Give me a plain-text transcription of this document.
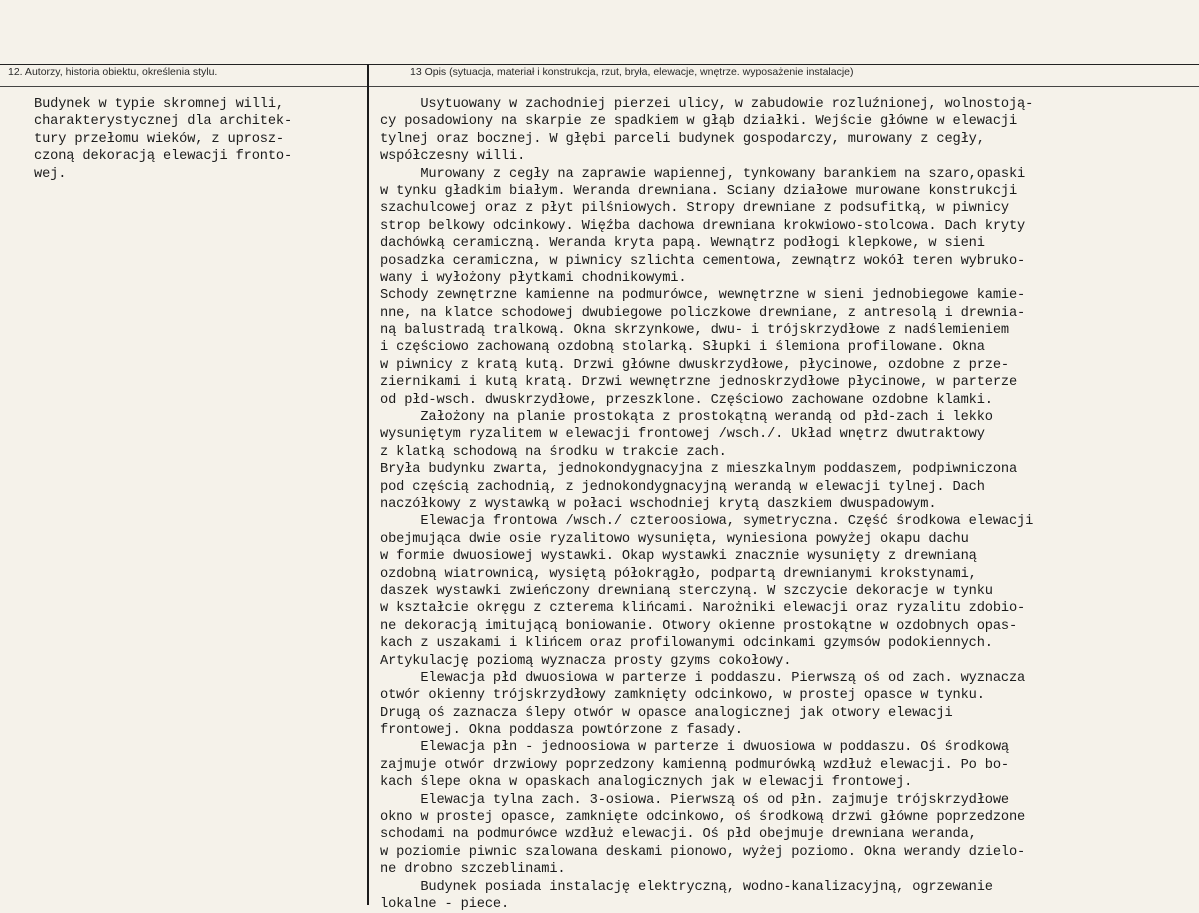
12. Autorzy, historia obiektu, określenia stylu.	13 Opis (sytuacja, materiał i konstrukcja, rzut, bryła, elewacje, wnętrze. wyposażenie instalacje)
Budynek w typie skromnej willi,
charakterystycznej dla architek-
tury przełomu wieków, z uprosz-
czoną dekoracją elewacji fronto-
wej.
Usytuowany w zachodniej pierzei ulicy, w zabudowie rozluźnionej, wolnostoją-
cy posadowiony na skarpie ze spadkiem w głąb działki. Wejście główne w elewacji
tylnej oraz bocznej. W głębi parceli budynek gospodarczy, murowany z cegły,
współczesny willi.
Murowany z cegły na zaprawie wapiennej, tynkowany barankiem na szaro,opaski
w tynku gładkim białym. Weranda drewniana. Sciany działowe murowane konstrukcji
szachulcowej oraz z płyt pilśniowych. Stropy drewniane z podsufitką, w piwnicy
strop belkowy odcinkowy. Więźba dachowa drewniana krokwiowo-stolcowa. Dach kryty
dachówką ceramiczną. Weranda kryta papą. Wewnątrz podłogi klepkowe, w sieni
posadzka ceramiczna, w piwnicy szlichta cementowa, zewnątrz wokół teren wybruko-
wany i wyłożony płytkami chodnikowymi.
Schody zewnętrzne kamienne na podmurówce, wewnętrzne w sieni jednobiegowe kamie-
nne, na klatce schodowej dwubiegowe policzkowe drewniane, z antresolą i drewnia-
ną balustradą tralkową. Okna skrzynkowe, dwu- i trójskrzydłowe z nadślemieniem
i częściowo zachowaną ozdobną stolarką. Słupki i ślemiona profilowane. Okna
w piwnicy z kratą kutą. Drzwi główne dwuskrzydłowe, płycinowe, ozdobne z prze-
ziernikami i kutą kratą. Drzwi wewnętrzne jednoskrzydłowe płycinowe, w parterze
od płd-wsch. dwuskrzydłowe, przeszklone. Częściowo zachowane ozdobne klamki.
Założony na planie prostokąta z prostokątną werandą od płd-zach i lekko
wysuniętym ryzalitem w elewacji frontowej /wsch./. Układ wnętrz dwutraktowy
z klatką schodową na środku w trakcie zach.
Bryła budynku zwarta, jednokondygnacyjna z mieszkalnym poddaszem, podpiwniczona
pod częścią zachodnią, z jednokondygnacyjną werandą w elewacji tylnej. Dach
naczółkowy z wystawką w połaci wschodniej krytą daszkiem dwuspadowym.
Elewacja frontowa /wsch./ czteroosiowa, symetryczna. Część środkowa elewacji
obejmująca dwie osie ryzalitowo wysunięta, wyniesiona powyżej okapu dachu
w formie dwuosiowej wystawki. Okap wystawki znacznie wysunięty z drewnianą
ozdobną wiatrownicą, wysiętą półokrągło, podpartą drewnianymi krokstynami,
daszek wystawki zwieńczony drewnianą sterczyną. W szczycie dekoracje w tynku
w kształcie okręgu z czterema klińcami. Narożniki elewacji oraz ryzalitu zdobio-
ne dekoracją imitującą boniowanie. Otwory okienne prostokątne w ozdobnych opas-
kach z uszakami i klińcem oraz profilowanymi odcinkami gzymsów podokiennych.
Artykulację poziomą wyznacza prosty gzyms cokołowy.
Elewacja płd dwuosiowa w parterze i poddaszu. Pierwszą oś od zach. wyznacza
otwór okienny trójskrzydłowy zamknięty odcinkowo, w prostej opasce w tynku.
Drugą oś zaznacza ślepy otwór w opasce analogicznej jak otwory elewacji
frontowej. Okna poddasza powtórzone z fasady.
Elewacja płn - jednoosiowa w parterze i dwuosiowa w poddaszu. Oś środkową
zajmuje otwór drzwiowy poprzedzony kamienną podmurówką wzdłuż elewacji. Po bo-
kach ślepe okna w opaskach analogicznych jak w elewacji frontowej.
Elewacja tylna zach. 3-osiowa. Pierwszą oś od płn. zajmuje trójskrzydłowe
okno w prostej opasce, zamknięte odcinkowo, oś środkową drzwi główne poprzedzone
schodami na podmurówce wzdłuż elewacji. Oś płd obejmuje drewniana weranda,
w poziomie piwnic szalowana deskami pionowo, wyżej poziomo. Okna werandy dzielo-
ne drobno szczeblinami.
Budynek posiada instalację elektryczną, wodno-kanalizacyjną, ogrzewanie
lokalne - piece.
